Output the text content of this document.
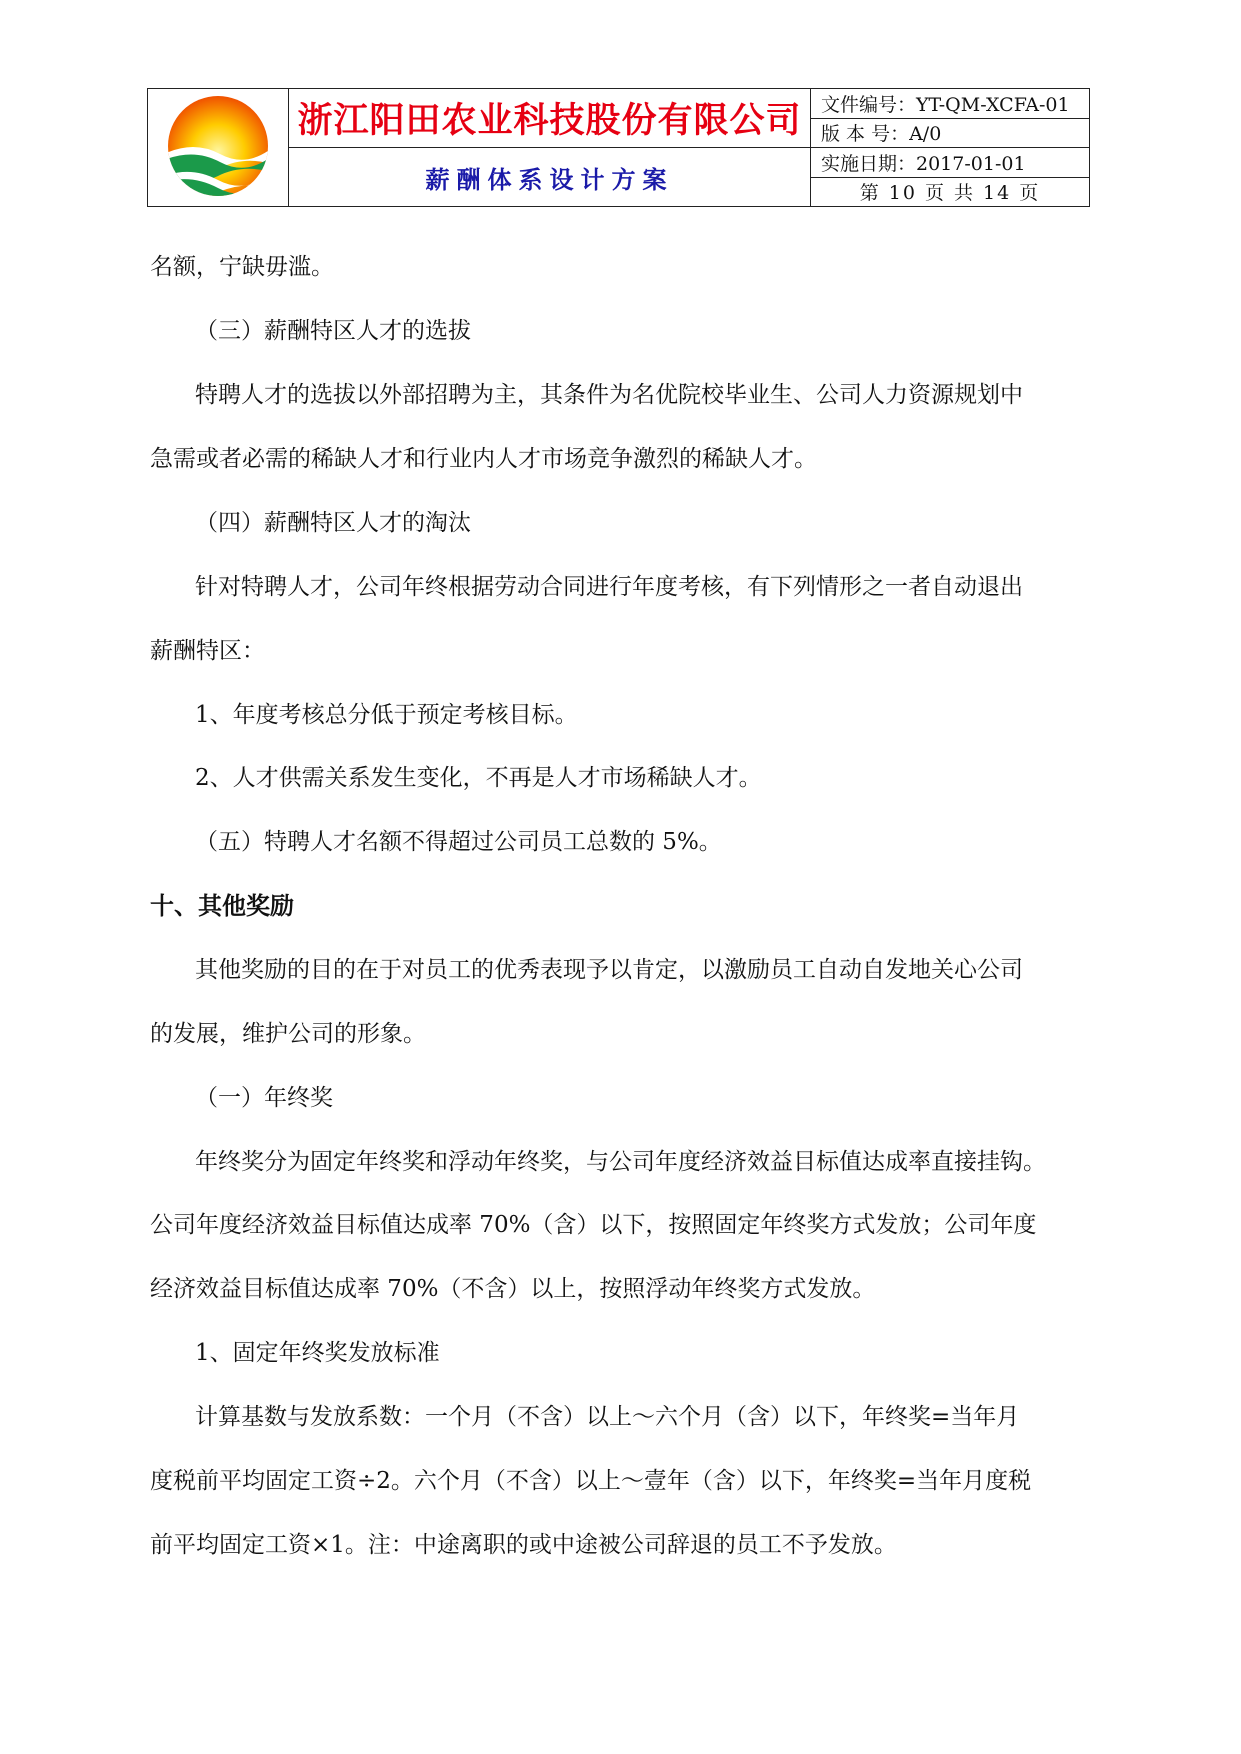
	浙江阳田农业科技股份有限公司	文件编号：YT-QM-XCFA-01
		版 本 号：A/0
	薪酬体系设计方案	实施日期：2017-01-01
		第 10 页 共 14 页
名额，宁缺毋滥。
（三）薪酬特区人才的选拔
特聘人才的选拔以外部招聘为主，其条件为名优院校毕业生、公司人力资源规划中
急需或者必需的稀缺人才和行业内人才市场竞争激烈的稀缺人才。
（四）薪酬特区人才的淘汰
针对特聘人才，公司年终根据劳动合同进行年度考核，有下列情形之一者自动退出
薪酬特区：
1、年度考核总分低于预定考核目标。
2、人才供需关系发生变化，不再是人才市场稀缺人才。
（五）特聘人才名额不得超过公司员工总数的 5%。
十、其他奖励
其他奖励的目的在于对员工的优秀表现予以肯定，以激励员工自动自发地关心公司
的发展，维护公司的形象。
（一）年终奖
年终奖分为固定年终奖和浮动年终奖，与公司年度经济效益目标值达成率直接挂钩。
公司年度经济效益目标值达成率 70%（含）以下，按照固定年终奖方式发放；公司年度
经济效益目标值达成率 70%（不含）以上，按照浮动年终奖方式发放。
1、固定年终奖发放标准
计算基数与发放系数：一个月（不含）以上～六个月（含）以下，年终奖=当年月
度税前平均固定工资÷2。六个月（不含）以上～壹年（含）以下，年终奖=当年月度税
前平均固定工资×1。注：中途离职的或中途被公司辞退的员工不予发放。
